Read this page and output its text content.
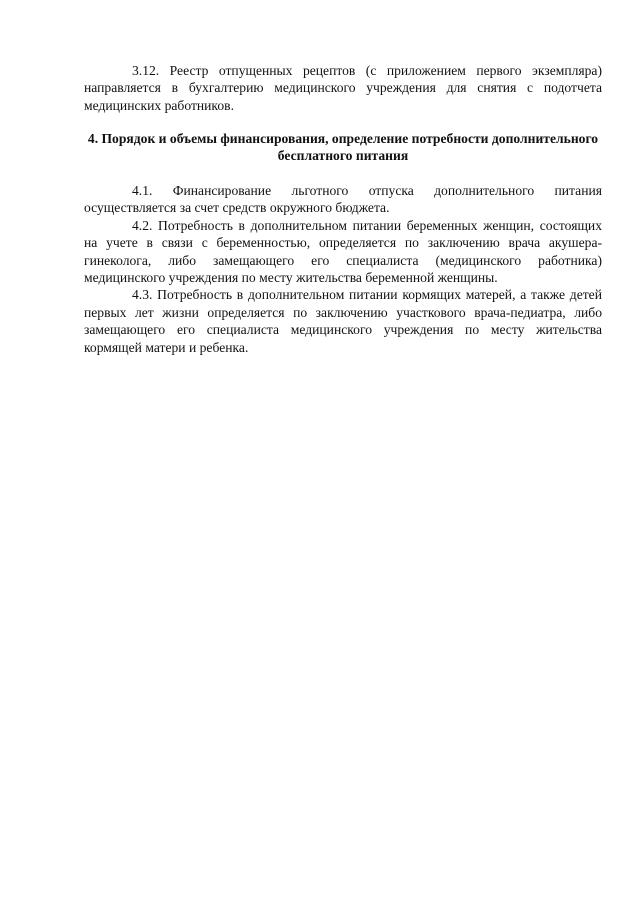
3.12. Реестр отпущенных рецептов (с приложением первого экземпляра) направляется в бухгалтерию медицинского учреждения для снятия с подотчета медицинских работников.

4. Порядок и объемы финансирования, определение потребности дополнительного бесплатного питания

4.1. Финансирование льготного отпуска дополнительного питания осуществляется за счет средств окружного бюджета.

4.2. Потребность в дополнительном питании беременных женщин, состоящих на учете в связи с беременностью, определяется по заключению врача акушера-гинеколога, либо замещающего его специалиста (медицинского работника) медицинского учреждения по месту жительства беременной женщины.

4.3. Потребность в дополнительном питании кормящих матерей, а также детей первых лет жизни определяется по заключению участкового врача-педиатра, либо замещающего его специалиста медицинского учреждения по месту жительства кормящей матери и ребенка.
